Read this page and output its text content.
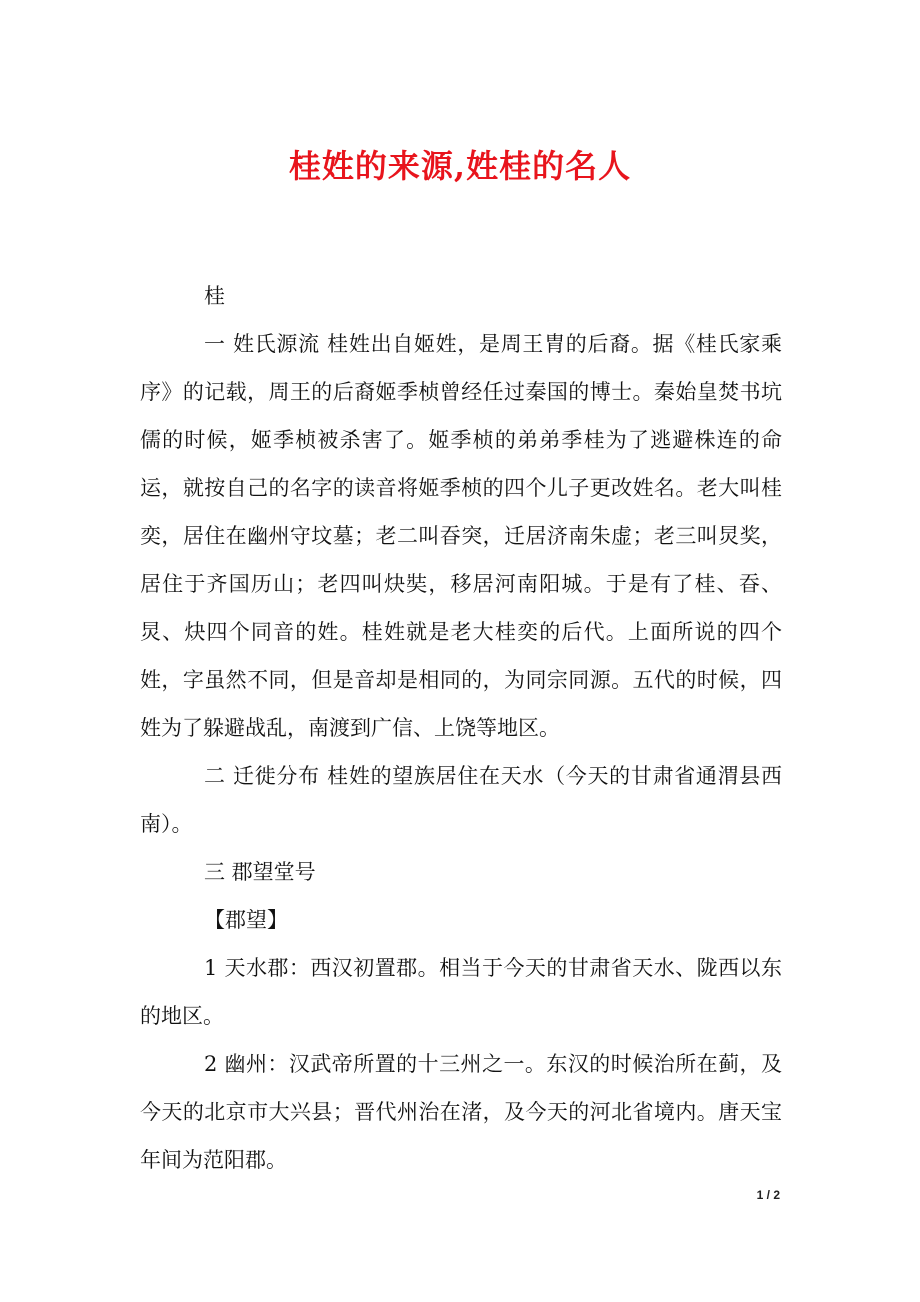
桂姓的来源,姓桂的名人

桂

一 姓氏源流 桂姓出自姬姓，是周王胄的后裔。据《桂氏家乘序》的记载，周王的后裔姬季桢曾经任过秦国的博士。秦始皇焚书坑儒的时候，姬季桢被杀害了。姬季桢的弟弟季桂为了逃避株连的命运，就按自己的名字的读音将姬季桢的四个儿子更改姓名。老大叫桂奕，居住在幽州守坟墓；老二叫昋突，迁居济南朱虚；老三叫炅奖，居住于齐国历山；老四叫炔奘，移居河南阳城。于是有了桂、昋、炅、炔四个同音的姓。桂姓就是老大桂奕的后代。上面所说的四个姓，字虽然不同，但是音却是相同的，为同宗同源。五代的时候，四姓为了躲避战乱，南渡到广信、上饶等地区。

二 迁徙分布 桂姓的望族居住在天水（今天的甘肃省通渭县西南）。

三 郡望堂号

【郡望】

1 天水郡：西汉初置郡。相当于今天的甘肃省天水、陇西以东的地区。

2 幽州：汉武帝所置的十三州之一。东汉的时候治所在蓟，及今天的北京市大兴县；晋代州治在渚，及今天的河北省境内。唐天宝年间为范阳郡。

1 / 2
